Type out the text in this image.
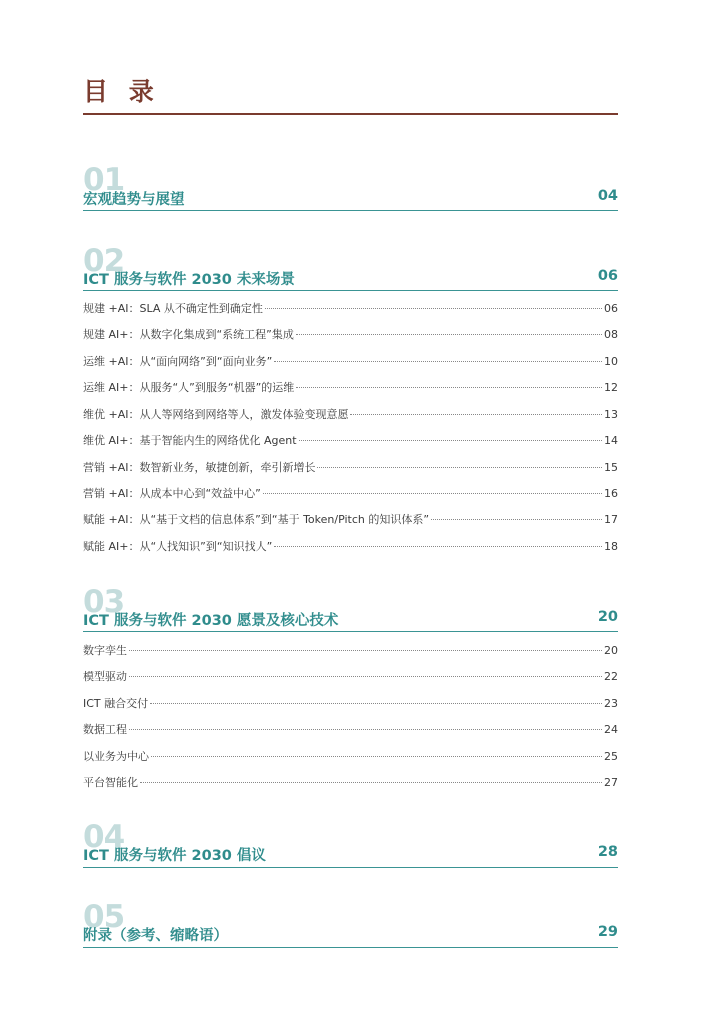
目 录
01
宏观趋势与展望	04
02
ICT 服务与软件 2030 未来场景	06
规建 +AI：SLA 从不确定性到确定性	06
规建 AI+：从数字化集成到“系统工程”集成	08
运维 +AI：从“面向网络”到“面向业务”	10
运维 AI+：从服务“人”到服务“机器”的运维	12
维优 +AI：从人等网络到网络等人，激发体验变现意愿	13
维优 AI+：基于智能内生的网络优化 Agent	14
营销 +AI：数智新业务，敏捷创新，牵引新增长	15
营销 +AI：从成本中心到“效益中心”	16
赋能 +AI：从“基于文档的信息体系”到“基于 Token/Pitch 的知识体系”	17
赋能 AI+：从“人找知识”到“知识找人”	18
03
ICT 服务与软件 2030 愿景及核心技术	20
数字孪生	20
模型驱动	22
ICT 融合交付	23
数据工程	24
以业务为中心	25
平台智能化	27
04
ICT 服务与软件 2030 倡议	28
05
附录（参考、缩略语）	29
